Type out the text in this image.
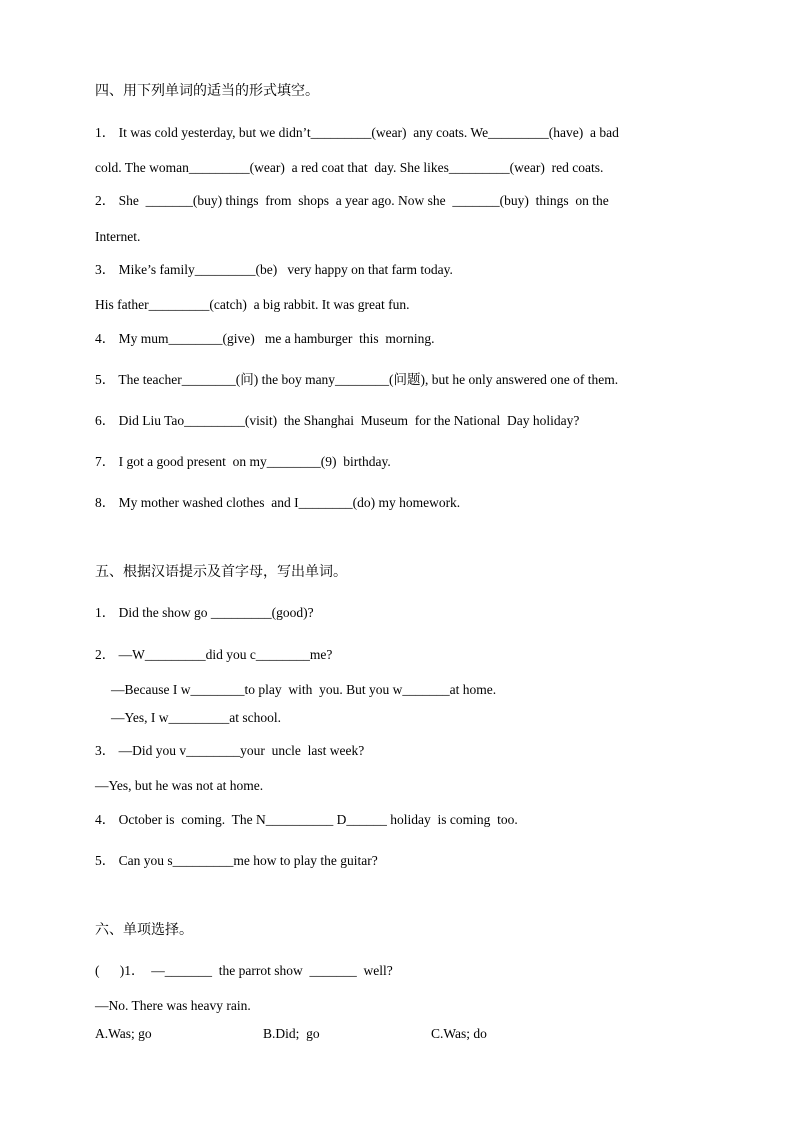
四、用下列单词的适当的形式填空。
1． It was cold yesterday, but we didn’t_________(wear)  any coats. We_________(have)  a bad
cold. The woman_________(wear)  a red coat that  day. She likes_________(wear)  red coats.
2． She  _______(buy) things  from  shops  a year ago. Now she  _______(buy)  things  on the
Internet.
3． Mike’s family_________(be)   very happy on that farm today.
His father_________(catch)  a big rabbit. It was great fun.
4． My mum________(give)   me a hamburger  this  morning.
5． The teacher________(问) the boy many________(问题), but he only answered one of them.
6． Did Liu Tao_________(visit)  the Shanghai  Museum  for the National  Day holiday?
7． I got a good present  on my________(9)  birthday.
8． My mother washed clothes  and I________(do) my homework.
五、根据汉语提示及首字母，写出单词。
1． Did the show go _________(good)?
2． —W_________did you c________me?
—Because I w________to play  with  you. But you w_______at home.
—Yes, I w_________at school.
3． —Did you v________your  uncle  last week?
—Yes, but he was not at home.
4． October is  coming.  The N__________ D______ holiday  is coming  too.
5． Can you s_________me how to play the guitar?
六、单项选择。
(      )1．  —_______  the parrot show  _______  well?
—No. There was heavy rain.
A.Was; go	B.Did;  go	C.Was; do
